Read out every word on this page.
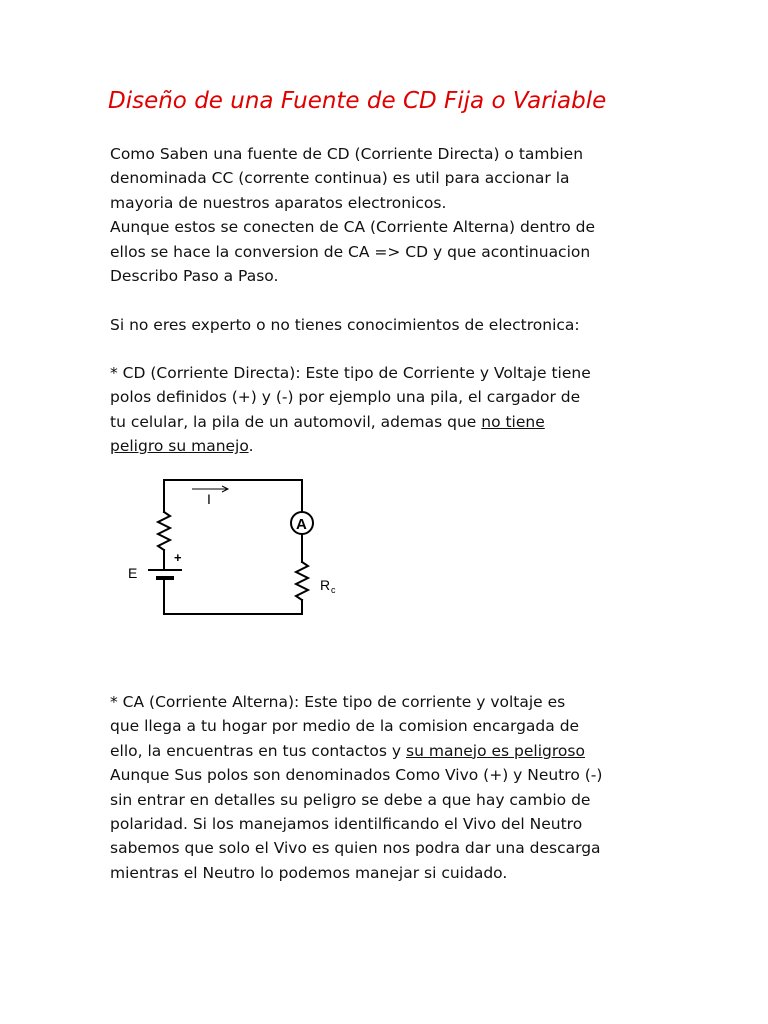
Diseño de una Fuente de CD Fija o Variable
Como Saben una fuente de CD (Corriente Directa) o tambien
denominada CC (corrente continua) es util para accionar la
mayoria de nuestros aparatos electronicos.
Aunque estos se conecten de CA (Corriente Alterna) dentro de
ellos se hace la conversion de CA => CD y que acontinuacion
Describo Paso a Paso.
Si no eres experto o no tienes conocimientos de electronica:
* CD (Corriente Directa): Este tipo de Corriente y Voltaje tiene
polos definidos (+) y (-) por ejemplo una pila, el cargador de
tu celular, la pila de un automovil, ademas que no tiene
peligro su manejo.
I
A
+
E
R c
* CA (Corriente Alterna): Este tipo de corriente y voltaje es
que llega a tu hogar por medio de la comision encargada de
ello, la encuentras en tus contactos y su manejo es peligroso
Aunque Sus polos son denominados Como Vivo (+) y Neutro (-)
sin entrar en detalles su peligro se debe a que hay cambio de
polaridad. Si los manejamos identilficando el Vivo del Neutro
sabemos que solo el Vivo es quien nos podra dar una descarga
mientras el Neutro lo podemos manejar si cuidado.
